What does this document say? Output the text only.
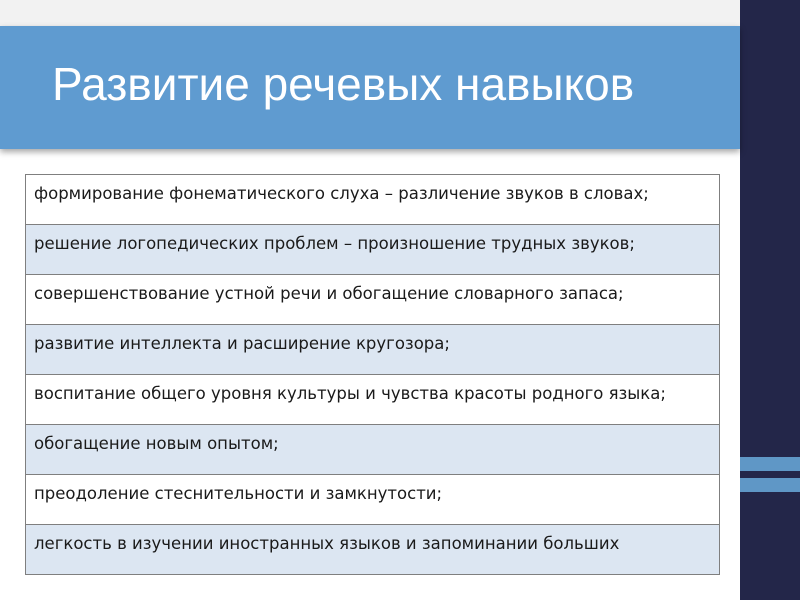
Развитие речевых навыков
формирование фонематического слуха – различение звуков в словах;
решение логопедических проблем – произношение трудных звуков;
совершенствование устной речи и обогащение словарного запаса;
развитие интеллекта и расширение кругозора;
воспитание общего уровня культуры и чувства красоты родного языка;
обогащение новым опытом;
преодоление стеснительности и замкнутости;
легкость в изучении иностранных языков и запоминании больших
